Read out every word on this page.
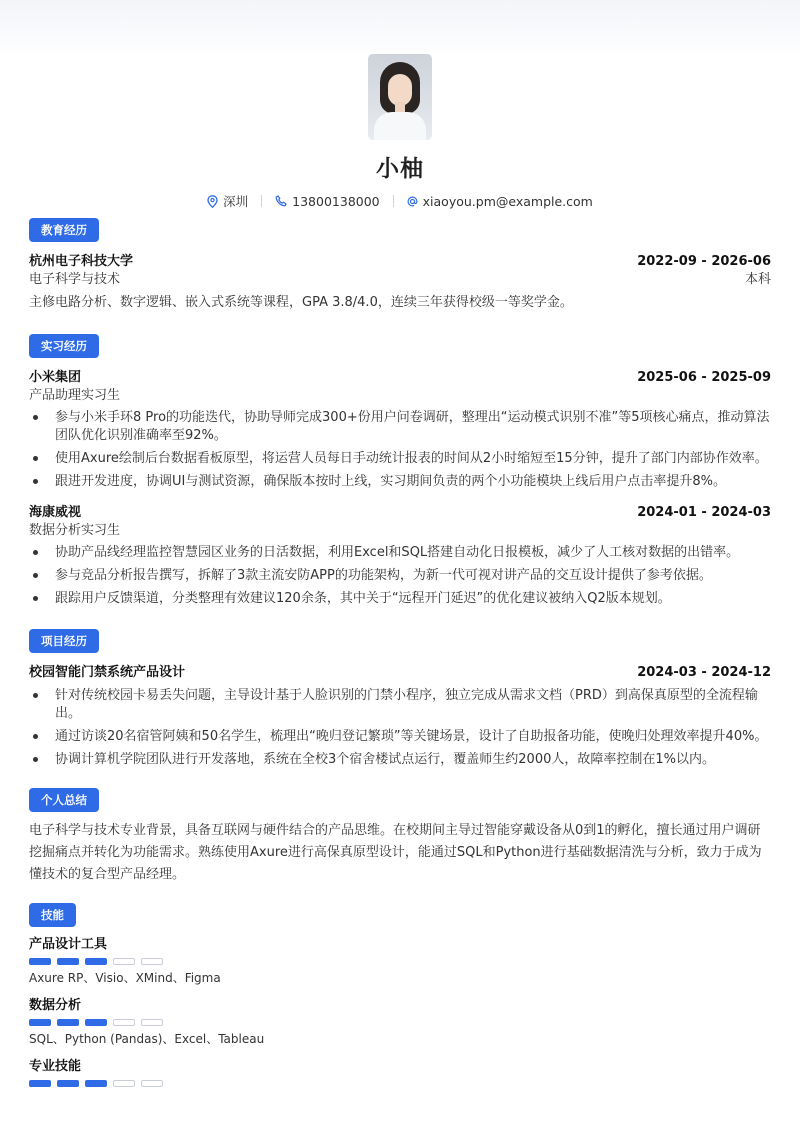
小柚
深圳	13800138000	xiaoyou.pm@example.com
教育经历
杭州电子科技大学	2022-09 - 2026-06
电子科学与技术	本科
主修电路分析、数字逻辑、嵌入式系统等课程，GPA 3.8/4.0，连续三年获得校级一等奖学金。
实习经历
小米集团	2025-06 - 2025-09
产品助理实习生
参与小米手环8 Pro的功能迭代，协助导师完成300+份用户问卷调研，整理出“运动模式识别不准”等5项核心痛点，推动算法团队优化识别准确率至92%。
使用Axure绘制后台数据看板原型，将运营人员每日手动统计报表的时间从2小时缩短至15分钟，提升了部门内部协作效率。
跟进开发进度，协调UI与测试资源，确保版本按时上线，实习期间负责的两个小功能模块上线后用户点击率提升8%。
海康威视	2024-01 - 2024-03
数据分析实习生
协助产品线经理监控智慧园区业务的日活数据，利用Excel和SQL搭建自动化日报模板，减少了人工核对数据的出错率。
参与竞品分析报告撰写，拆解了3款主流安防APP的功能架构，为新一代可视对讲产品的交互设计提供了参考依据。
跟踪用户反馈渠道，分类整理有效建议120余条，其中关于“远程开门延迟”的优化建议被纳入Q2版本规划。
项目经历
校园智能门禁系统产品设计	2024-03 - 2024-12
针对传统校园卡易丢失问题，主导设计基于人脸识别的门禁小程序，独立完成从需求文档（PRD）到高保真原型的全流程输出。
通过访谈20名宿管阿姨和50名学生，梳理出“晚归登记繁琐”等关键场景，设计了自助报备功能，使晚归处理效率提升40%。
协调计算机学院团队进行开发落地，系统在全校3个宿舍楼试点运行，覆盖师生约2000人，故障率控制在1%以内。
个人总结
电子科学与技术专业背景，具备互联网与硬件结合的产品思维。在校期间主导过智能穿戴设备从0到1的孵化，擅长通过用户调研挖掘痛点并转化为功能需求。熟练使用Axure进行高保真原型设计，能通过SQL和Python进行基础数据清洗与分析，致力于成为懂技术的复合型产品经理。
技能
产品设计工具
Axure RP、Visio、XMind、Figma
数据分析
SQL、Python (Pandas)、Excel、Tableau
专业技能
